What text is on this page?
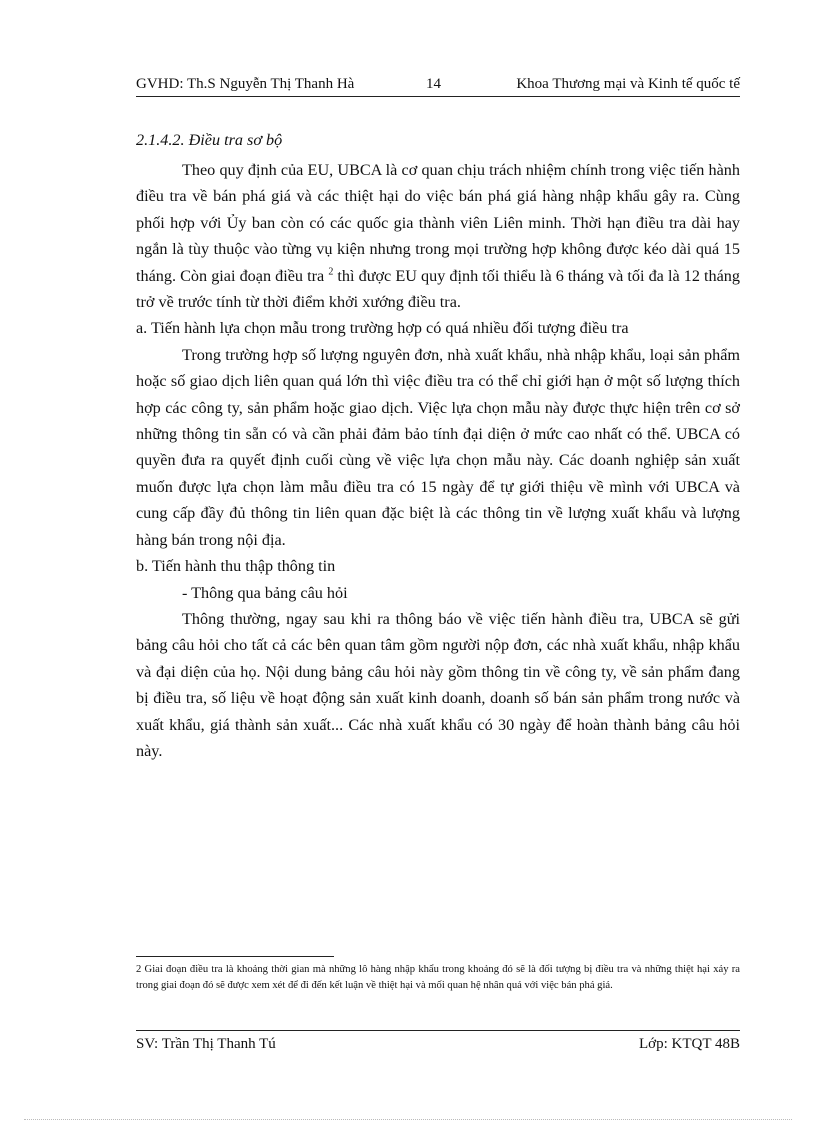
GVHD: Th.S Nguyễn Thị Thanh Hà	14	Khoa Thương mại và Kinh tế quốc tế

2.1.4.2. Điều tra sơ bộ

Theo quy định của EU, UBCA là cơ quan chịu trách nhiệm chính trong việc tiến hành điều tra về bán phá giá và các thiệt hại do việc bán phá giá hàng nhập khẩu gây ra. Cùng phối hợp với Ủy ban còn có các quốc gia thành viên Liên minh. Thời hạn điều tra dài hay ngắn là tùy thuộc vào từng vụ kiện nhưng trong mọi trường hợp không được kéo dài quá 15 tháng. Còn giai đoạn điều tra $^2$ thì được EU quy định tối thiểu là 6 tháng và tối đa là 12 tháng trở về trước tính từ thời điểm khởi xướng điều tra.

a. Tiến hành lựa chọn mẫu trong trường hợp có quá nhiều đối tượng điều tra

Trong trường hợp số lượng nguyên đơn, nhà xuất khẩu, nhà nhập khẩu, loại sản phẩm hoặc số giao dịch liên quan quá lớn thì việc điều tra có thể chỉ giới hạn ở một số lượng thích hợp các công ty, sản phẩm hoặc giao dịch. Việc lựa chọn mẫu này được thực hiện trên cơ sở những thông tin sẵn có và cần phải đảm bảo tính đại diện ở mức cao nhất có thể. UBCA có quyền đưa ra quyết định cuối cùng về việc lựa chọn mẫu này. Các doanh nghiệp sản xuất muốn được lựa chọn làm mẫu điều tra có 15 ngày để tự giới thiệu về mình với UBCA và cung cấp đầy đủ thông tin liên quan đặc biệt là các thông tin về lượng xuất khẩu và lượng hàng bán trong nội địa.

b. Tiến hành thu thập thông tin

- Thông qua bảng câu hỏi

Thông thường, ngay sau khi ra thông báo về việc tiến hành điều tra, UBCA sẽ gửi bảng câu hỏi cho tất cả các bên quan tâm gồm người nộp đơn, các nhà xuất khẩu, nhập khẩu và đại diện của họ. Nội dung bảng câu hỏi này gồm thông tin về công ty, về sản phẩm đang bị điều tra, số liệu về hoạt động sản xuất kinh doanh, doanh số bán sản phẩm trong nước và xuất khẩu, giá thành sản xuất... Các nhà xuất khẩu có 30 ngày để hoàn thành bảng câu hỏi này.

2 Giai đoạn điều tra là khoảng thời gian mà những lô hàng nhập khẩu trong khoảng đó sẽ là đối tượng bị điều tra và những thiệt hại xảy ra trong giai đoạn đó sẽ được xem xét để đi đến kết luận về thiệt hại và mối quan hệ nhân quả với việc bán phá giá.
SV: Trần Thị Thanh Tú	Lớp: KTQT 48B
